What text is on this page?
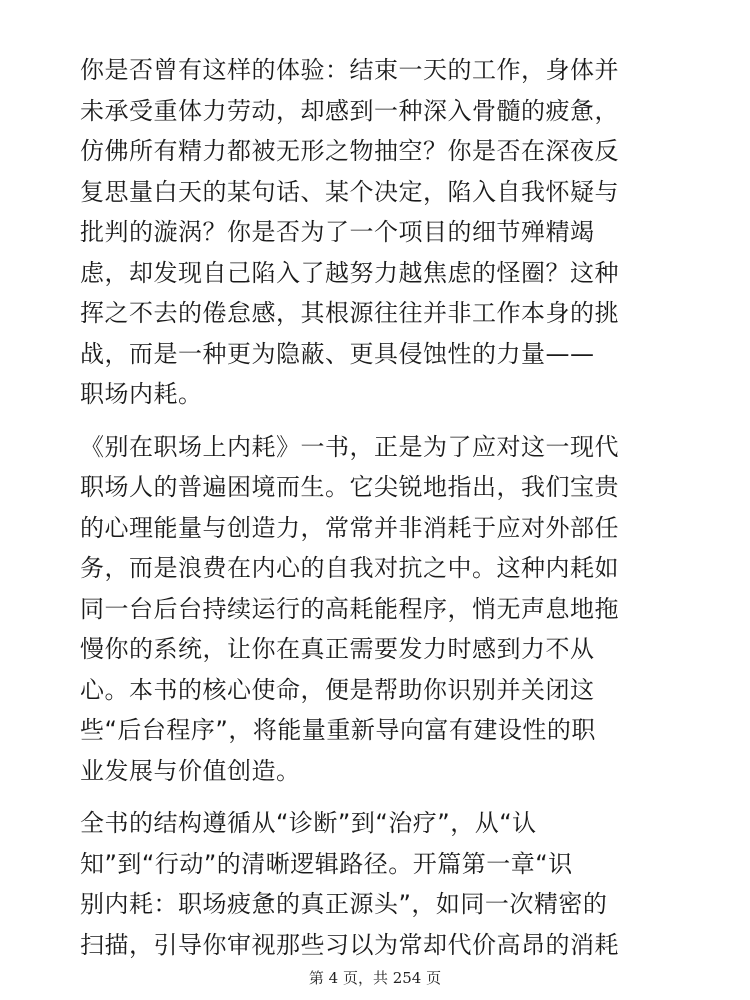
你是否曾有这样的体验：结束一天的工作，身体并
未承受重体力劳动，却感到一种深入骨髓的疲惫，
仿佛所有精力都被无形之物抽空？你是否在深夜反
复思量白天的某句话、某个决定，陷入自我怀疑与
批判的漩涡？你是否为了一个项目的细节殚精竭
虑，却发现自己陷入了越努力越焦虑的怪圈？这种
挥之不去的倦怠感，其根源往往并非工作本身的挑
战，而是一种更为隐蔽、更具侵蚀性的力量——
职场内耗。

《别在职场上内耗》一书，正是为了应对这一现代
职场人的普遍困境而生。它尖锐地指出，我们宝贵
的心理能量与创造力，常常并非消耗于应对外部任
务，而是浪费在内心的自我对抗之中。这种内耗如
同一台后台持续运行的高耗能程序，悄无声息地拖
慢你的系统，让你在真正需要发力时感到力不从
心。本书的核心使命，便是帮助你识别并关闭这
些“后台程序”，将能量重新导向富有建设性的职
业发展与价值创造。

全书的结构遵循从“诊断”到“治疗”，从“认
知”到“行动”的清晰逻辑路径。开篇第一章“识
别内耗：职场疲惫的真正源头”，如同一次精密的
扫描，引导你审视那些习以为常却代价高昂的消耗

第 4 页，共 254 页
